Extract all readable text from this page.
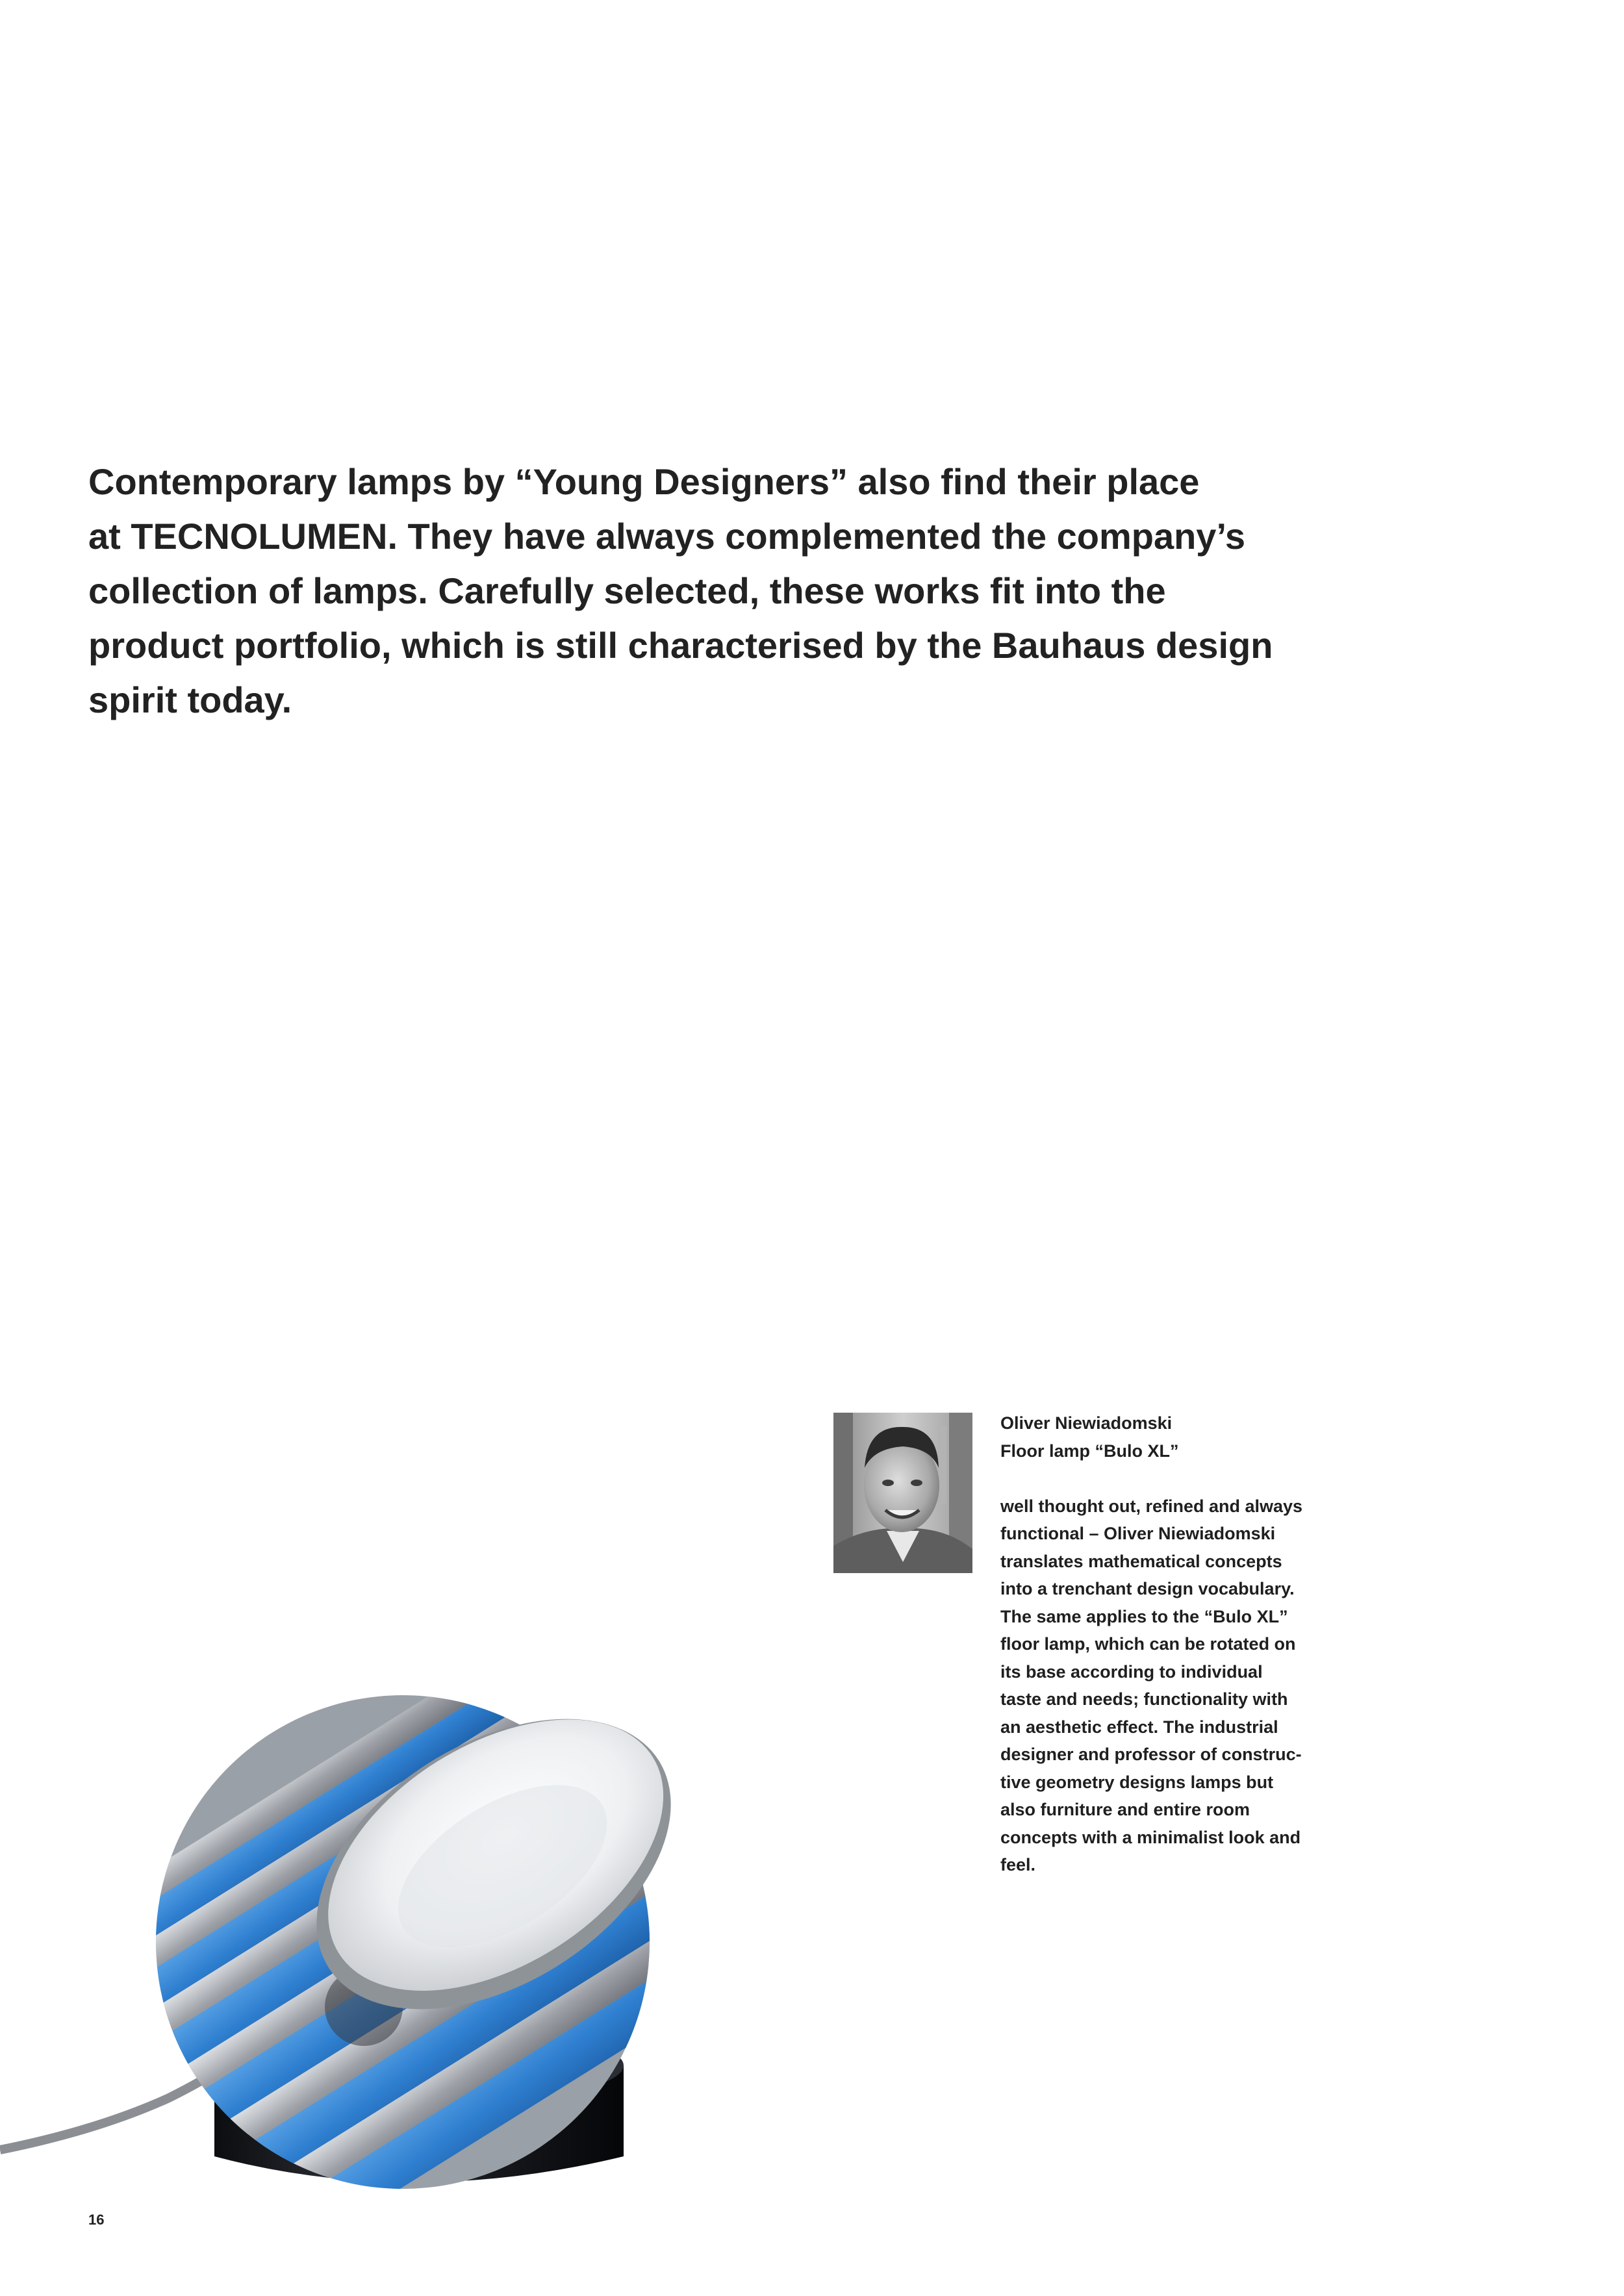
Contemporary lamps by “Young Designers” also find their place
at TECNOLUMEN. They have always complemented the company’s
collection of lamps. Carefully selected, these works fit into the
product portfolio, which is still characterised by the Bauhaus design
spirit today.
Oliver Niewiadomski
Floor lamp “Bulo XL”
well thought out, refined and always
functional – Oliver Niewiadomski
translates mathematical concepts
into a trenchant design vocabulary.
The same applies to the “Bulo XL”
floor lamp, which can be rotated on
its base according to individual
taste and needs; functionality with
an aesthetic effect. The industrial
designer and professor of construc-
tive geometry designs lamps but
also furniture and entire room
concepts with a minimalist look and
feel.
16
